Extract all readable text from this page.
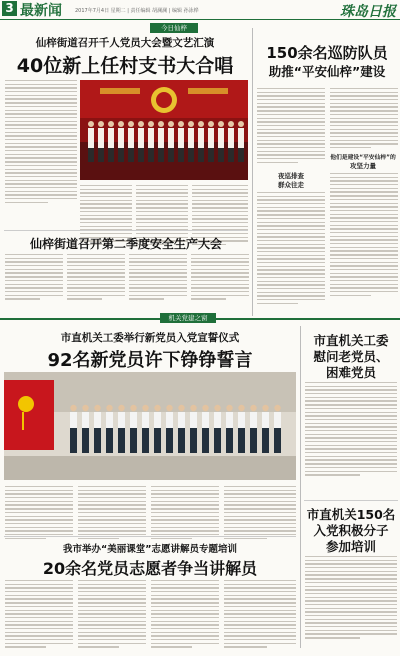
3 最新闻	2017年7月4日 星期二 | 责任编辑 胡澜澜 | 编辑 孙泳桦	珠岛日报
今日仙梓
仙梓街道召开千人党员大会暨文艺汇演
40位新上任村支书大合唱
150余名巡防队员
助推“平安仙梓”建设
夜巡排查
群众往走
他们是建设“平安仙梓”的
攻坚力量
仙梓街道召开第二季度安全生产大会
机关党建之窗
市直机关工委举行新党员入党宣誓仪式
92名新党员许下铮铮誓言
市直机关工委
慰问老党员、
困难党员
市直机关150名
入党积极分子
参加培训
我市举办“美丽课堂”志愿讲解员专题培训
20余名党员志愿者争当讲解员
